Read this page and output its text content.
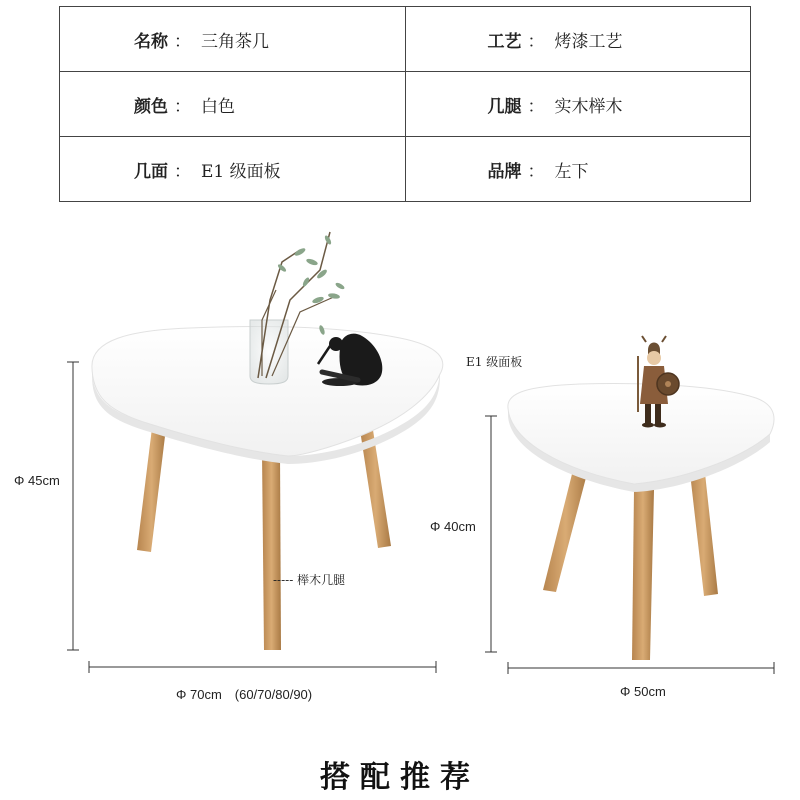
名称 ： 三角茶几	工艺 ： 烤漆工艺
颜色 ： 白色	几腿 ： 实木榉木
几面 ： E1 级面板	品牌 ： 左下
Φ 45cm
Φ 70cm　(60/70/80/90)
----- 榉木几腿
E1 级面板
Φ 40cm
Φ 50cm
搭配推荐
